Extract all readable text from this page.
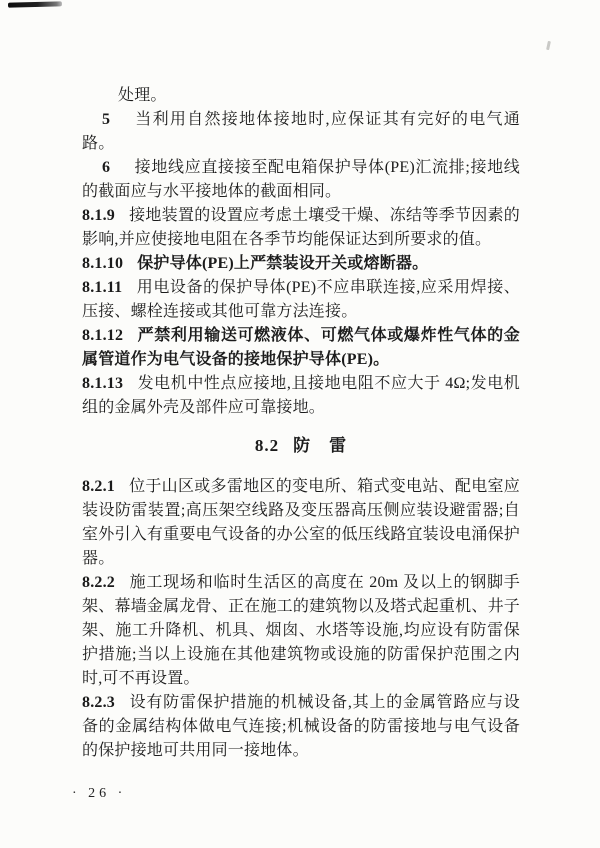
处理。

5 当利用自然接地体接地时,应保证其有完好的电气通路。

6 接地线应直接接至配电箱保护导体(PE)汇流排;接地线的截面应与水平接地体的截面相同。

8.1.9 接地装置的设置应考虑土壤受干燥、冻结等季节因素的影响,并应使接地电阻在各季节均能保证达到所要求的值。

8.1.10 保护导体(PE)上严禁装设开关或熔断器。

8.1.11 用电设备的保护导体(PE)不应串联连接,应采用焊接、压接、螺栓连接或其他可靠方法连接。

8.1.12 严禁利用输送可燃液体、可燃气体或爆炸性气体的金属管道作为电气设备的接地保护导体(PE)。

8.1.13 发电机中性点应接地,且接地电阻不应大于 4Ω;发电机组的金属外壳及部件应可靠接地。

8.2 防　雷

8.2.1 位于山区或多雷地区的变电所、箱式变电站、配电室应装设防雷装置;高压架空线路及变压器高压侧应装设避雷器;自室外引入有重要电气设备的办公室的低压线路宜装设电涌保护器。

8.2.2 施工现场和临时生活区的高度在 20m 及以上的钢脚手架、幕墙金属龙骨、正在施工的建筑物以及塔式起重机、井子架、施工升降机、机具、烟囱、水塔等设施,均应设有防雷保护措施;当以上设施在其他建筑物或设施的防雷保护范围之内时,可不再设置。

8.2.3 设有防雷保护措施的机械设备,其上的金属管路应与设备的金属结构体做电气连接;机械设备的防雷接地与电气设备的保护接地可共用同一接地体。

· 26 ·
